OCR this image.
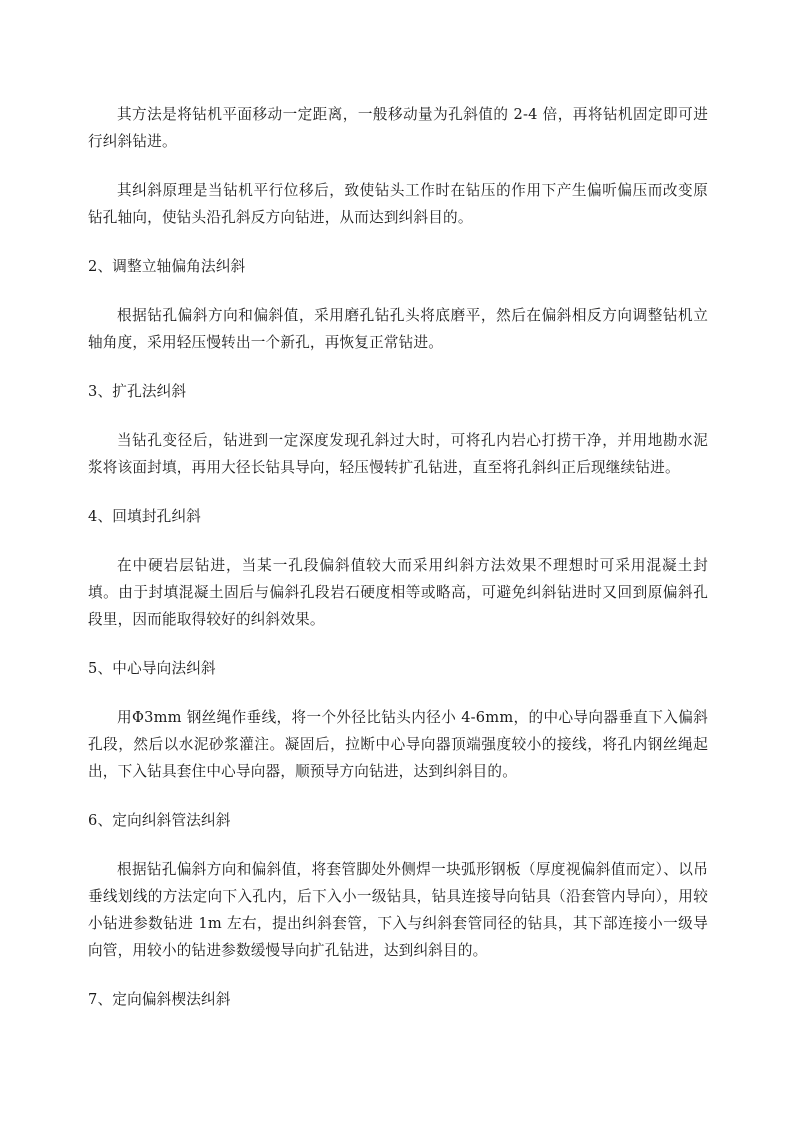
其方法是将钻机平面移动一定距离，一般移动量为孔斜值的 2-4 倍，再将钻机固定即可进行纠斜钻进。

其纠斜原理是当钻机平行位移后，致使钻头工作时在钻压的作用下产生偏听偏压而改变原钻孔轴向，使钻头沿孔斜反方向钻进，从而达到纠斜目的。

2、调整立轴偏角法纠斜

根据钻孔偏斜方向和偏斜值，采用磨孔钻孔头将底磨平，然后在偏斜相反方向调整钻机立轴角度，采用轻压慢转出一个新孔，再恢复正常钻进。

3、扩孔法纠斜

当钻孔变径后，钻进到一定深度发现孔斜过大时，可将孔内岩心打捞干净，并用地勘水泥浆将该面封填，再用大径长钻具导向，轻压慢转扩孔钻进，直至将孔斜纠正后现继续钻进。

4、回填封孔纠斜

在中硬岩层钻进，当某一孔段偏斜值较大而采用纠斜方法效果不理想时可采用混凝土封填。由于封填混凝土固后与偏斜孔段岩石硬度相等或略高，可避免纠斜钻进时又回到原偏斜孔段里，因而能取得较好的纠斜效果。

5、中心导向法纠斜

用Φ3mm 钢丝绳作垂线，将一个外径比钻头内径小 4-6mm，的中心导向器垂直下入偏斜孔段，然后以水泥砂浆灌注。凝固后，拉断中心导向器顶端强度较小的接线，将孔内钢丝绳起出，下入钻具套住中心导向器，顺预导方向钻进，达到纠斜目的。

6、定向纠斜管法纠斜

根据钻孔偏斜方向和偏斜值，将套管脚处外侧焊一块弧形钢板（厚度视偏斜值而定）、以吊垂线划线的方法定向下入孔内，后下入小一级钻具，钻具连接导向钻具（沿套管内导向），用较小钻进参数钻进 1m 左右，提出纠斜套管，下入与纠斜套管同径的钻具，其下部连接小一级导向管，用较小的钻进参数缓慢导向扩孔钻进，达到纠斜目的。

7、定向偏斜楔法纠斜
